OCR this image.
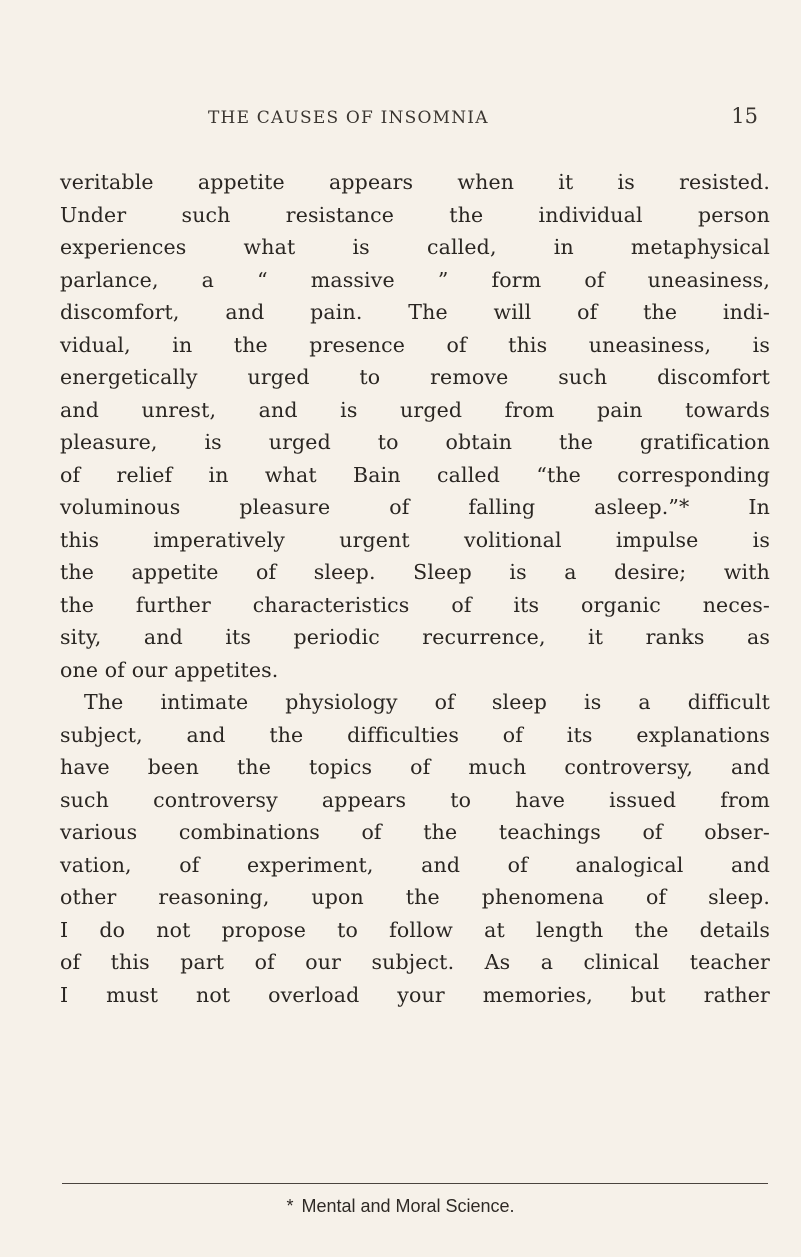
THE CAUSES OF INSOMNIA	15
veritable appetite appears when it is resisted.
Under such resistance the individual person
experiences what is called, in metaphysical
parlance, a “ massive ” form of uneasiness,
discomfort, and pain. The will of the indi-
vidual, in the presence of this uneasiness, is
energetically urged to remove such discomfort
and unrest, and is urged from pain towards
pleasure, is urged to obtain the gratification
of relief in what Bain called “the corresponding
voluminous pleasure of falling asleep.”* In
this imperatively urgent volitional impulse is
the appetite of sleep. Sleep is a desire; with
the further characteristics of its organic neces-
sity, and its periodic recurrence, it ranks as
one of our appetites.
The intimate physiology of sleep is a difficult
subject, and the difficulties of its explanations
have been the topics of much controversy, and
such controversy appears to have issued from
various combinations of the teachings of obser-
vation, of experiment, and of analogical and
other reasoning, upon the phenomena of sleep.
I do not propose to follow at length the details
of this part of our subject. As a clinical teacher
I must not overload your memories, but rather
* Mental and Moral Science.
